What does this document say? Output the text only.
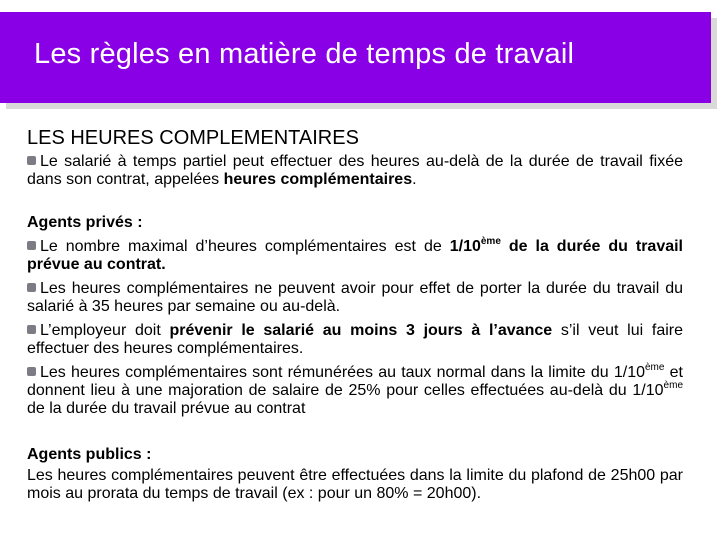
Les règles en matière de temps de travail
LES HEURES COMPLEMENTAIRES

Le salarié à temps partiel peut effectuer des heures au-delà de la durée de travail fixée dans son contrat, appelées heures complémentaires.

Agents privés :

Le nombre maximal d’heures complémentaires est de 1/10ème de la durée du travail prévue au contrat.

Les heures complémentaires ne peuvent avoir pour effet de porter la durée du travail du salarié à 35 heures par semaine ou au-delà.

L’employeur doit prévenir le salarié au moins 3 jours à l’avance s’il veut lui faire effectuer des heures complémentaires.

Les heures complémentaires sont rémunérées au taux normal dans la limite du 1/10ème et donnent lieu à une majoration de salaire de 25% pour celles effectuées au-delà du 1/10ème de la durée du travail prévue au contrat

Agents publics :

Les heures complémentaires peuvent être effectuées dans la limite du plafond de 25h00 par mois au prorata du temps de travail (ex : pour un 80% = 20h00).
